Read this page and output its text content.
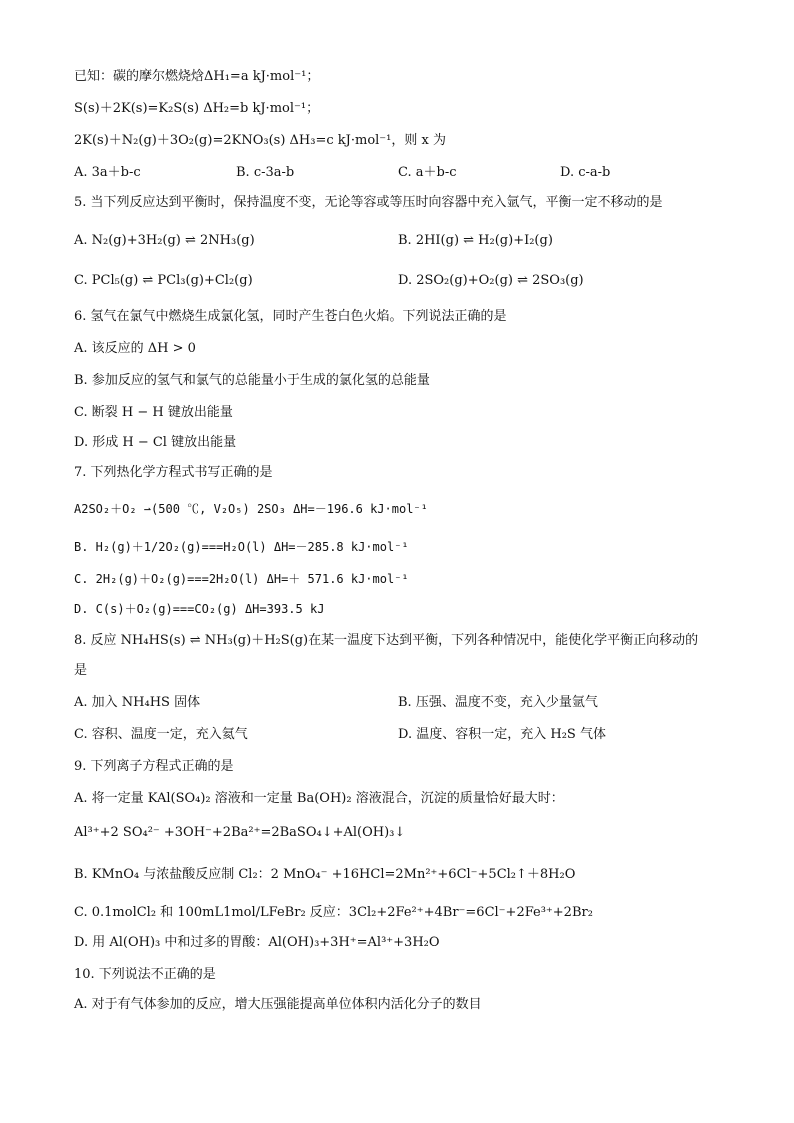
已知：碳的摩尔燃烧焓ΔH₁=a kJ·mol⁻¹；
S(s)＋2K(s)=K₂S(s) ΔH₂=b kJ·mol⁻¹；
2K(s)＋N₂(g)＋3O₂(g)=2KNO₃(s) ΔH₃=c kJ·mol⁻¹，则 x 为
A. 3a＋b-c	B. c-3a-b	C. a＋b-c	D. c-a-b
5. 当下列反应达到平衡时，保持温度不变，无论等容或等压时向容器中充入氩气，平衡一定不移动的是
A. N₂(g)+3H₂(g) ⇌ 2NH₃(g)	B. 2HI(g) ⇌ H₂(g)+I₂(g)
C. PCl₅(g) ⇌ PCl₃(g)+Cl₂(g)	D. 2SO₂(g)+O₂(g) ⇌ 2SO₃(g)
6. 氢气在氯气中燃烧生成氯化氢，同时产生苍白色火焰。下列说法正确的是
A. 该反应的 ΔH > 0
B. 参加反应的氢气和氯气的总能量小于生成的氯化氢的总能量
C. 断裂 H − H 键放出能量
D. 形成 H − Cl 键放出能量
7. 下列热化学方程式书写正确的是
A2SO₂＋O₂ ⇀(500 ℃, V₂O₅) 2SO₃ ΔH=－196.6 kJ·mol⁻¹
B. H₂(g)＋1/2O₂(g)===H₂O(l) ΔH=－285.8 kJ·mol⁻¹
C. 2H₂(g)＋O₂(g)===2H₂O(l) ΔH=＋ 571.6 kJ·mol⁻¹
D. C(s)＋O₂(g)===CO₂(g) ΔH=393.5 kJ
8. 反应 NH₄HS(s) ⇌ NH₃(g)＋H₂S(g)在某一温度下达到平衡，下列各种情况中，能使化学平衡正向移动的
是
A. 加入 NH₄HS 固体	B. 压强、温度不变，充入少量氩气
C. 容积、温度一定，充入氦气	D. 温度、容积一定，充入 H₂S 气体
9. 下列离子方程式正确的是
A. 将一定量 KAl(SO₄)₂ 溶液和一定量 Ba(OH)₂ 溶液混合，沉淀的质量恰好最大时：
Al³⁺+2 SO₄²⁻ +3OH⁻+2Ba²⁺=2BaSO₄↓+Al(OH)₃↓
B. KMnO₄ 与浓盐酸反应制 Cl₂：2 MnO₄⁻ +16HCl=2Mn²⁺+6Cl⁻+5Cl₂↑＋8H₂O
C. 0.1molCl₂ 和 100mL1mol/LFeBr₂ 反应：3Cl₂+2Fe²⁺+4Br⁻=6Cl⁻+2Fe³⁺+2Br₂
D. 用 Al(OH)₃ 中和过多的胃酸：Al(OH)₃+3H⁺=Al³⁺+3H₂O
10. 下列说法不正确的是
A. 对于有气体参加的反应，增大压强能提高单位体积内活化分子的数目
